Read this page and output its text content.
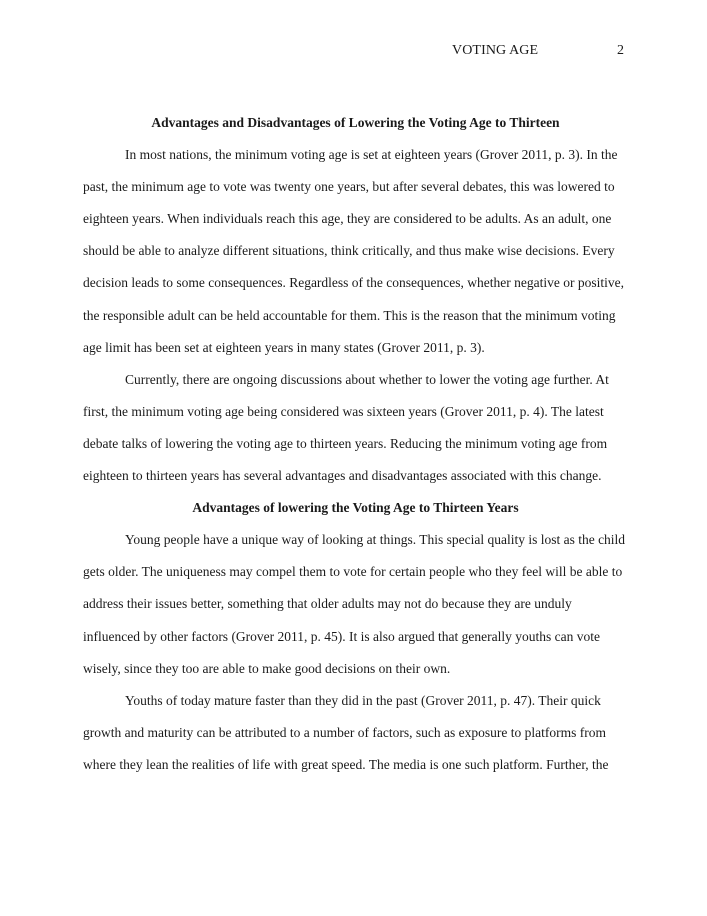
VOTING AGE	2
Advantages and Disadvantages of Lowering the Voting Age to Thirteen

In most nations, the minimum voting age is set at eighteen years (Grover 2011, p. 3). In the past, the minimum age to vote was twenty one years, but after several debates, this was lowered to eighteen years. When individuals reach this age, they are considered to be adults. As an adult, one should be able to analyze different situations, think critically, and thus make wise decisions. Every decision leads to some consequences. Regardless of the consequences, whether negative or positive, the responsible adult can be held accountable for them. This is the reason that the minimum voting age limit has been set at eighteen years in many states (Grover 2011, p. 3).

Currently, there are ongoing discussions about whether to lower the voting age further. At first, the minimum voting age being considered was sixteen years (Grover 2011, p. 4). The latest debate talks of lowering the voting age to thirteen years. Reducing the minimum voting age from eighteen to thirteen years has several advantages and disadvantages associated with this change.

Advantages of lowering the Voting Age to Thirteen Years

Young people have a unique way of looking at things. This special quality is lost as the child gets older. The uniqueness may compel them to vote for certain people who they feel will be able to address their issues better, something that older adults may not do because they are unduly influenced by other factors (Grover 2011, p. 45). It is also argued that generally youths can vote wisely, since they too are able to make good decisions on their own.

Youths of today mature faster than they did in the past (Grover 2011, p. 47). Their quick growth and maturity can be attributed to a number of factors, such as exposure to platforms from where they lean the realities of life with great speed. The media is one such platform. Further, the
